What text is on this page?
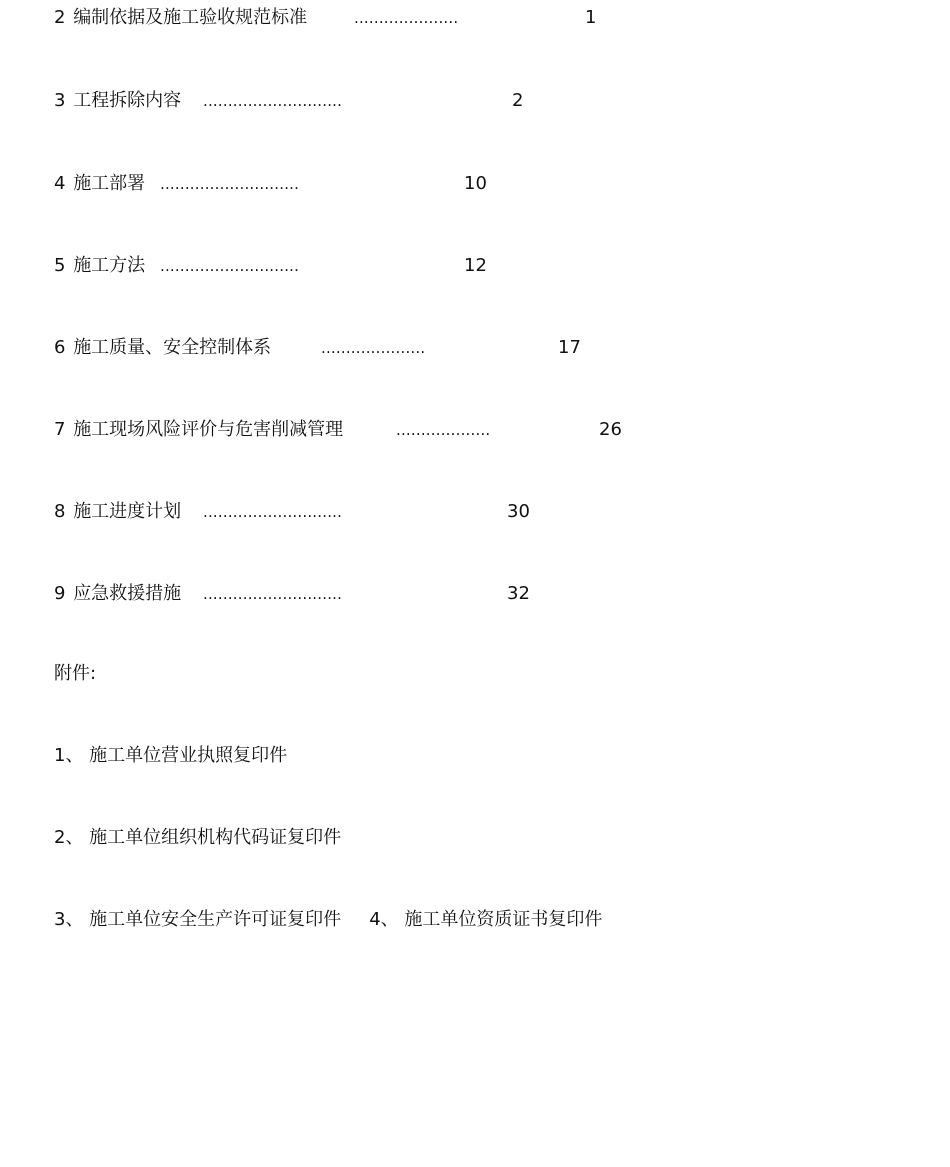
2 编制依据及施工验收规范标准	.....................	1
3 工程拆除内容 ............................	2
4 施工部署 ............................	10
5 施工方法 ............................	12
6 施工质量、安全控制体系	.....................	17
7 施工现场风险评价与危害削减管理	...................	26
8 施工进度计划 ............................	30
9 应急救援措施 ............................	32
附件:
1、 施工单位营业执照复印件
2、 施工单位组织机构代码证复印件
3、 施工单位安全生产许可证复印件 4、 施工单位资质证书复印件
